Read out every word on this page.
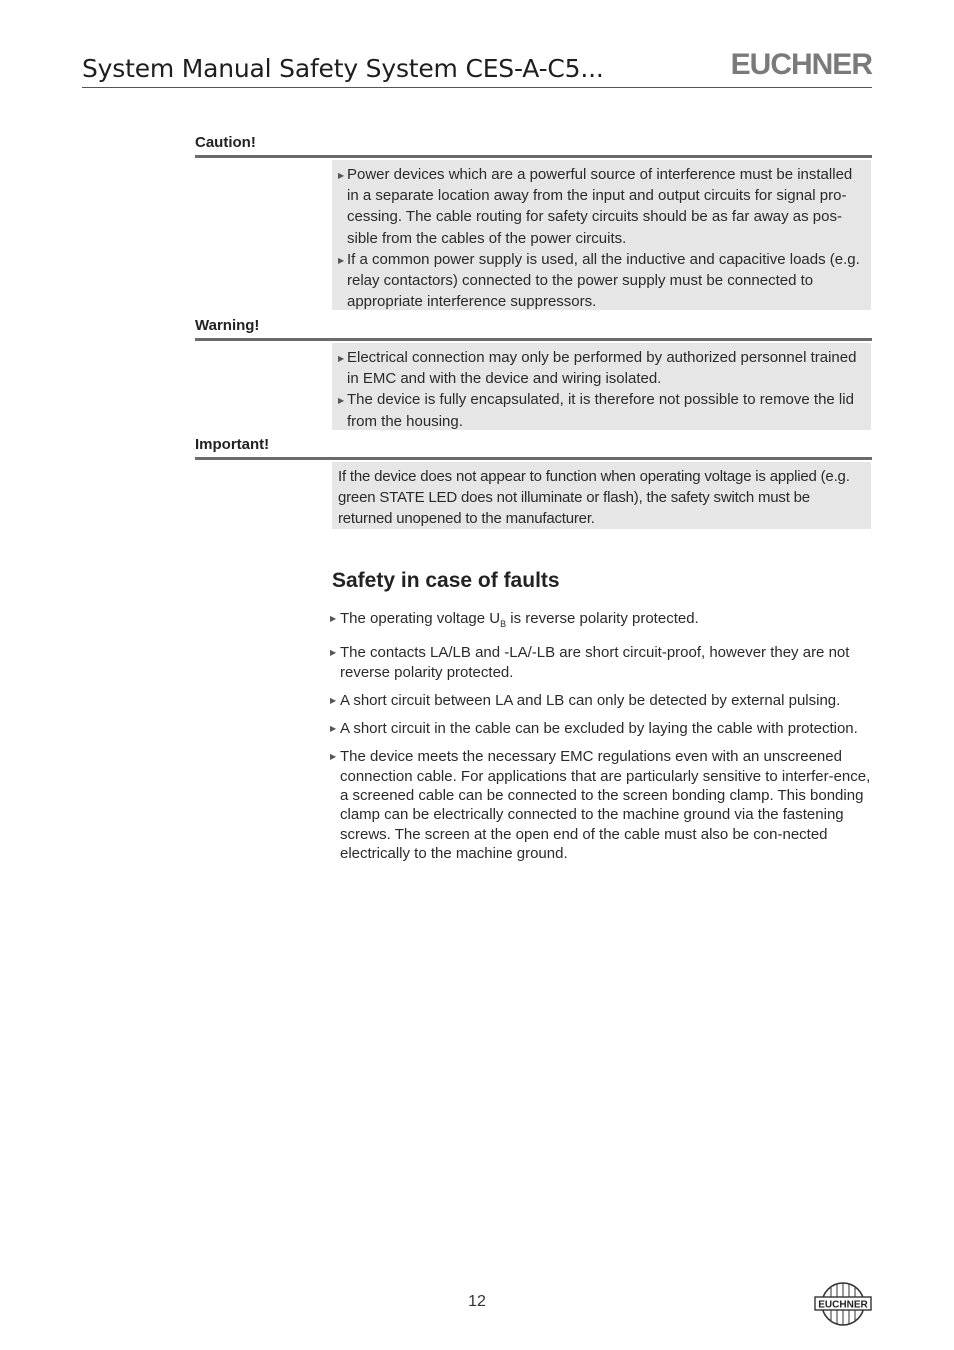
System Manual Safety System CES-A-C5...	EUCHNER
Caution!
▶ Power devices which are a powerful source of interference must be installed in a separate location away from the input and output circuits for signal pro-cessing. The cable routing for safety circuits should be as far away as pos-sible from the cables of the power circuits.
▶ If a common power supply is used, all the inductive and capacitive loads (e.g. relay contactors) connected to the power supply must be connected to appropriate interference suppressors.
Warning!
▶ Electrical connection may only be performed by authorized personnel trained in EMC and with the device and wiring isolated.
▶ The device is fully encapsulated, it is therefore not possible to remove the lid from the housing.
Important!
If the device does not appear to function when operating voltage is applied (e.g. green STATE LED does not illuminate or flash), the safety switch must be returned unopened to the manufacturer.
Safety in case of faults
▶ The operating voltage $U_B$ is reverse polarity protected.
▶ The contacts LA/LB and -LA/-LB are short circuit-proof, however they are not reverse polarity protected.
▶ A short circuit between LA and LB can only be detected by external pulsing.
▶ A short circuit in the cable can be excluded by laying the cable with protection.
▶ The device meets the necessary EMC regulations even with an unscreened connection cable. For applications that are particularly sensitive to interfer-ence, a screened cable can be connected to the screen bonding clamp. This bonding clamp can be electrically connected to the machine ground via the fastening screws. The screen at the open end of the cable must also be con-nected electrically to the machine ground.
12	EUCHNER
